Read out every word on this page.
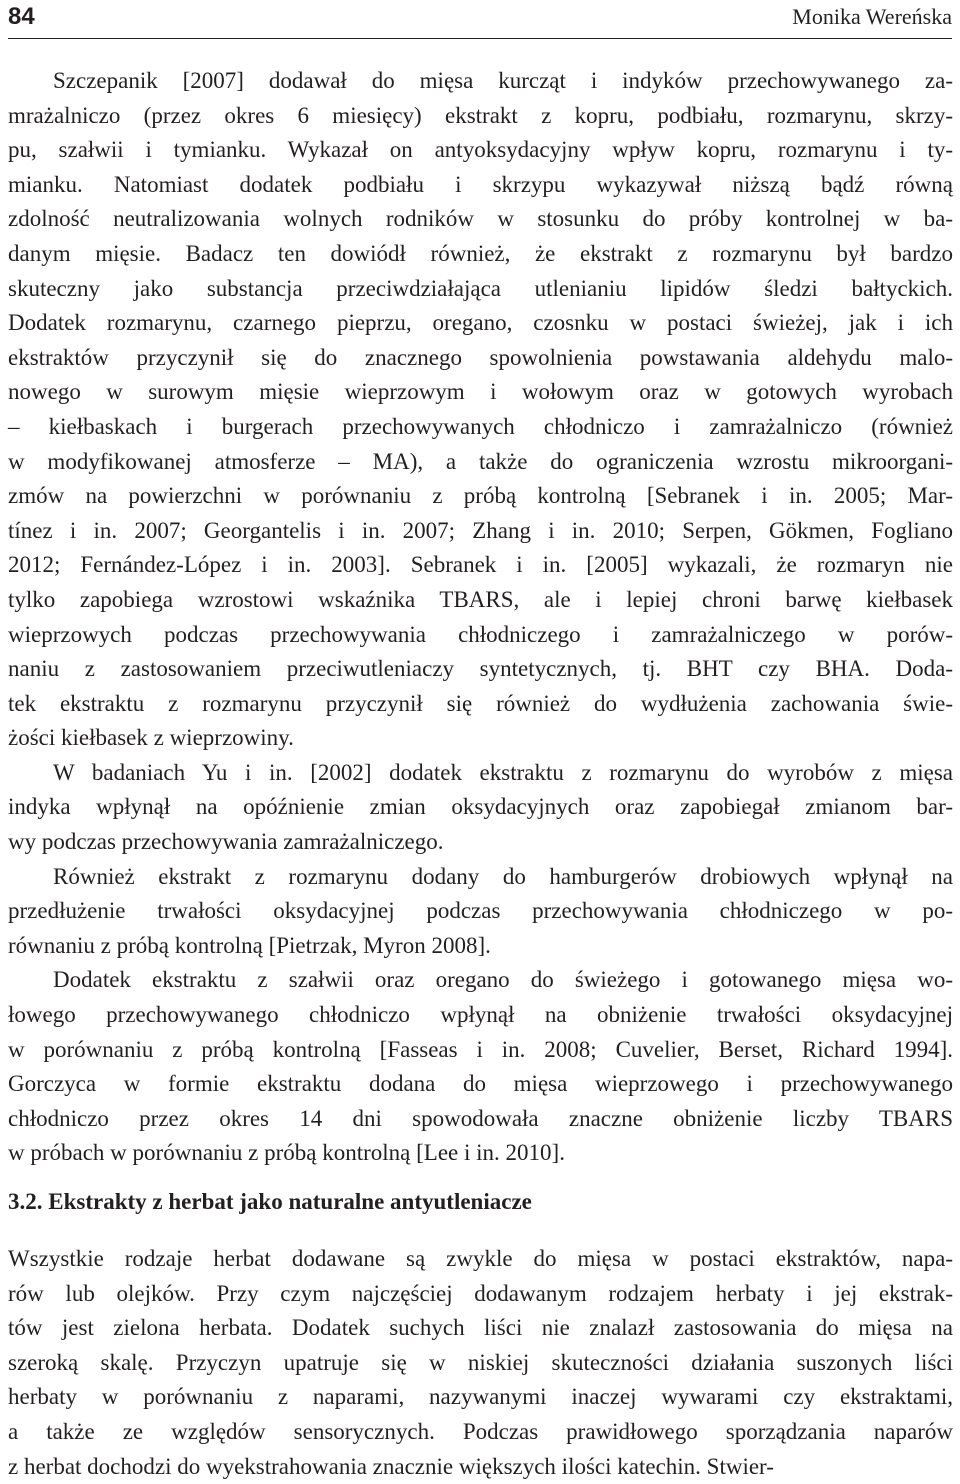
84	Monika Wereńska

Szczepanik [2007] dodawał do mięsa kurcząt i indyków przechowywanego za-
mrażalniczo (przez okres 6 miesięcy) ekstrakt z kopru, podbiału, rozmarynu, skrzy-
pu, szałwii i tymianku. Wykazał on antyoksydacyjny wpływ kopru, rozmarynu i ty-
mianku. Natomiast dodatek podbiału i skrzypu wykazywał niższą bądź równą
zdolność neutralizowania wolnych rodników w stosunku do próby kontrolnej w ba-
danym mięsie. Badacz ten dowiódł również, że ekstrakt z rozmarynu był bardzo
skuteczny jako substancja przeciwdziałająca utlenianiu lipidów śledzi bałtyckich.
Dodatek rozmarynu, czarnego pieprzu, oregano, czosnku w postaci świeżej, jak i ich
ekstraktów przyczynił się do znacznego spowolnienia powstawania aldehydu malo-
nowego w surowym mięsie wieprzowym i wołowym oraz w gotowych wyrobach
– kiełbaskach i burgerach przechowywanych chłodniczo i zamrażalniczo (również
w modyfikowanej atmosferze – MA), a także do ograniczenia wzrostu mikroorgani-
zmów na powierzchni w porównaniu z próbą kontrolną [Sebranek i in. 2005; Mar-
tínez i in. 2007; Georgantelis i in. 2007; Zhang i in. 2010; Serpen, Gökmen, Fogliano
2012; Fernández-López i in. 2003]. Sebranek i in. [2005] wykazali, że rozmaryn nie
tylko zapobiega wzrostowi wskaźnika TBARS, ale i lepiej chroni barwę kiełbasek
wieprzowych podczas przechowywania chłodniczego i zamrażalniczego w porów-
naniu z zastosowaniem przeciwutleniaczy syntetycznych, tj. BHT czy BHA. Doda-
tek ekstraktu z rozmarynu przyczynił się również do wydłużenia zachowania świe-
żości kiełbasek z wieprzowiny.

W badaniach Yu i in. [2002] dodatek ekstraktu z rozmarynu do wyrobów z mięsa
indyka wpłynął na opóźnienie zmian oksydacyjnych oraz zapobiegał zmianom bar-
wy podczas przechowywania zamrażalniczego.

Również ekstrakt z rozmarynu dodany do hamburgerów drobiowych wpłynął na
przedłużenie trwałości oksydacyjnej podczas przechowywania chłodniczego w po-
równaniu z próbą kontrolną [Pietrzak, Myron 2008].

Dodatek ekstraktu z szałwii oraz oregano do świeżego i gotowanego mięsa wo-
łowego przechowywanego chłodniczo wpłynął na obniżenie trwałości oksydacyjnej
w porównaniu z próbą kontrolną [Fasseas i in. 2008; Cuvelier, Berset, Richard 1994].
Gorczyca w formie ekstraktu dodana do mięsa wieprzowego i przechowywanego
chłodniczo przez okres 14 dni spowodowała znaczne obniżenie liczby TBARS
w próbach w porównaniu z próbą kontrolną [Lee i in. 2010].

3.2. Ekstrakty z herbat jako naturalne antyutleniacze

Wszystkie rodzaje herbat dodawane są zwykle do mięsa w postaci ekstraktów, napa-
rów lub olejków. Przy czym najczęściej dodawanym rodzajem herbaty i jej ekstrak-
tów jest zielona herbata. Dodatek suchych liści nie znalazł zastosowania do mięsa na
szeroką skalę. Przyczyn upatruje się w niskiej skuteczności działania suszonych liści
herbaty w porównaniu z naparami, nazywanymi inaczej wywarami czy ekstraktami,
a także ze względów sensorycznych. Podczas prawidłowego sporządzania naparów
z herbat dochodzi do wyekstrahowania znacznie większych ilości katechin. Stwier-
